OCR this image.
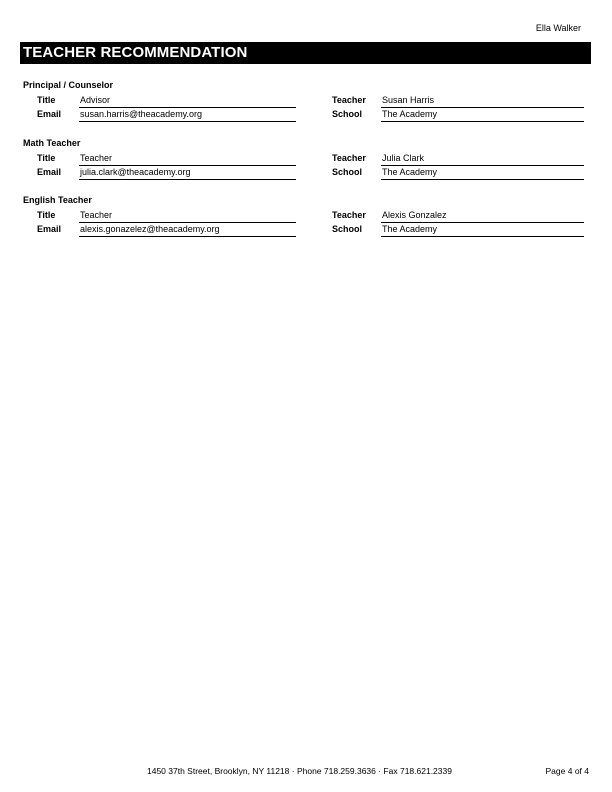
Ella Walker
TEACHER RECOMMENDATION
Principal / Counselor
Title	Advisor	Teacher Susan Harris
Email susan.harris@theacademy.org	School The Academy
Math Teacher
Title	Teacher	Teacher Julia Clark
Email julia.clark@theacademy.org	School The Academy
English Teacher
Title	Teacher	Teacher Alexis Gonzalez
Email alexis.gonazelez@theacademy.org	School The Academy
1450 37th Street, Brooklyn, NY 11218 · Phone 718.259.3636 · Fax 718.621.2339	Page 4 of 4
